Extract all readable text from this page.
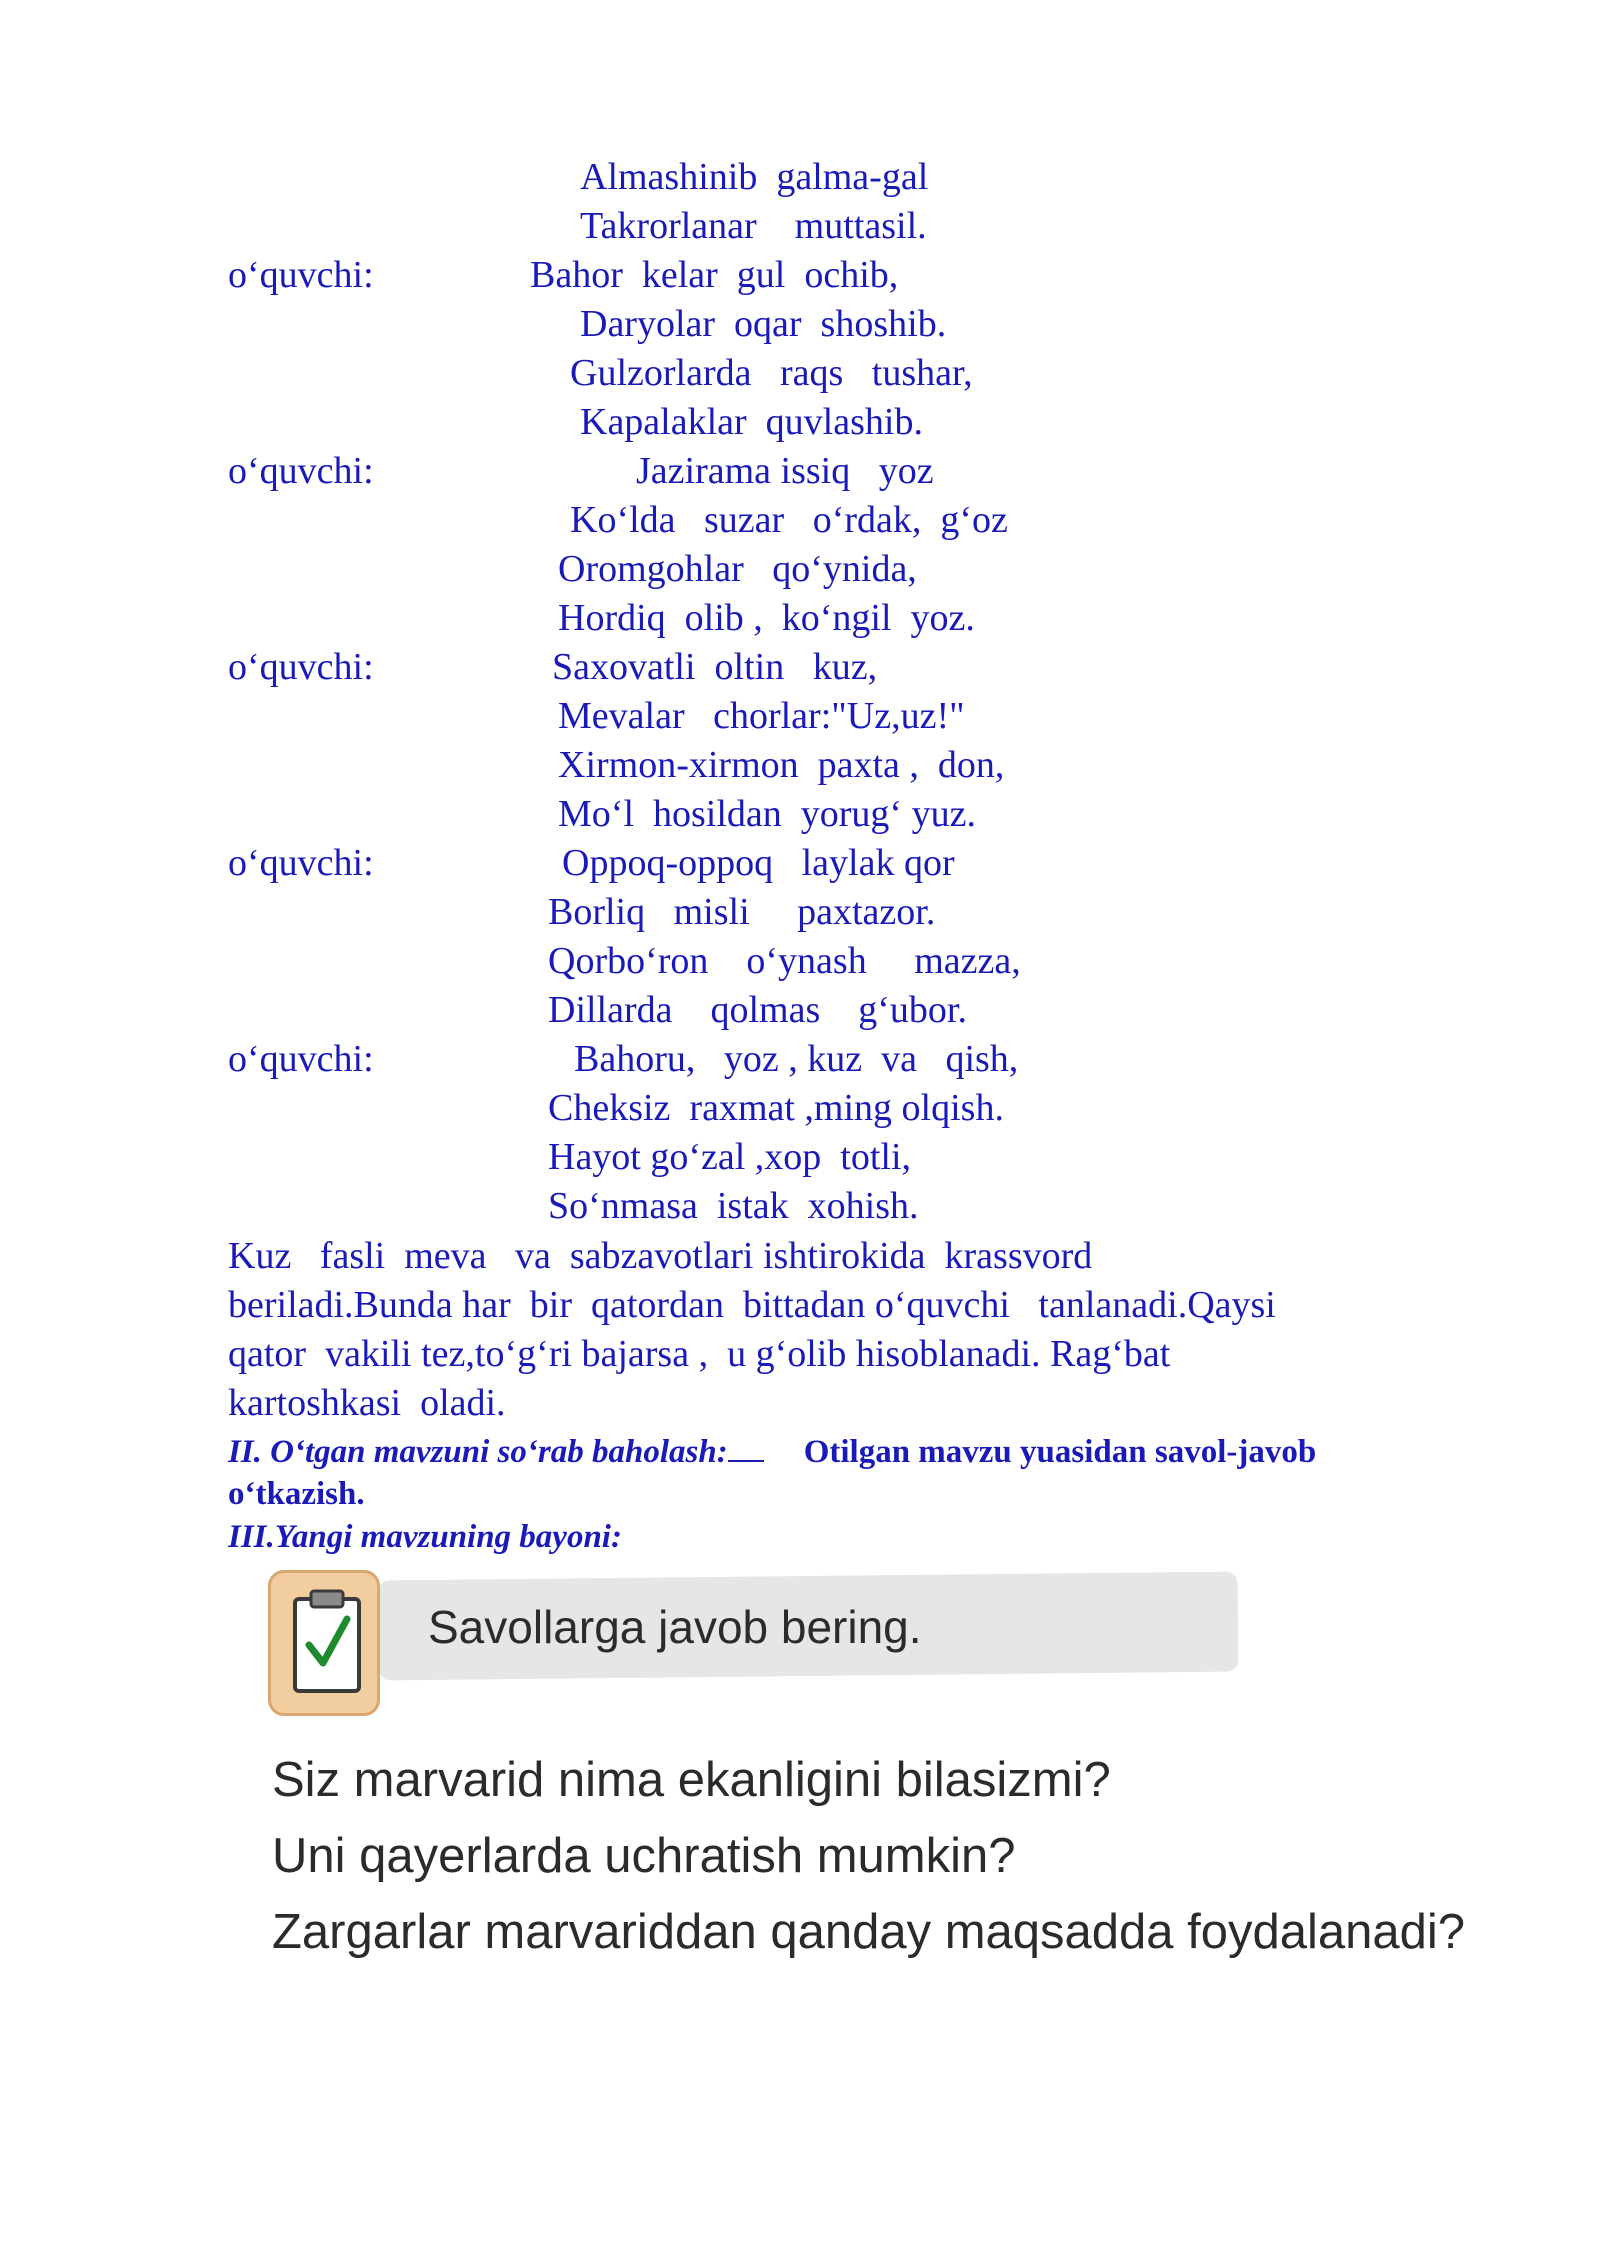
Almashinib  galma-gal
Takrorlanar    muttasil.
o‘quvchi:	Bahor  kelar  gul  ochib,
Daryolar  oqar  shoshib.
Gulzorlarda   raqs   tushar,
Kapalaklar  quvlashib.
o‘quvchi:	Jazirama issiq   yoz
Ko‘lda   suzar   o‘rdak,  g‘oz
Oromgohlar   qo‘ynida,
Hordiq  olib ,  ko‘ngil  yoz.
o‘quvchi:	Saxovatli  oltin   kuz,
Mevalar   chorlar:"Uz,uz!"
Xirmon-xirmon  paxta ,  don,
Mo‘l  hosildan  yorug‘ yuz.
o‘quvchi:	Oppoq-oppoq   laylak qor
Borliq   misli     paxtazor.
Qorbo‘ron    o‘ynash     mazza,
Dillarda    qolmas    g‘ubor.
o‘quvchi:	Bahoru,   yoz , kuz  va   qish,
Cheksiz  raxmat ,ming olqish.
Hayot go‘zal ,xop  totli,
So‘nmasa  istak  xohish.
Kuz   fasli  meva   va  sabzavotlari ishtirokida  krassvord
beriladi.Bunda har  bir  qatordan  bittadan o‘quvchi   tanlanadi.Qaysi
qator  vakili tez,to‘g‘ri bajarsa ,  u g‘olib hisoblanadi. Rag‘bat
kartoshkasi  oladi.
II. O‘tgan mavzuni so‘rab baholash: Otilgan mavzu yuasidan savol-javob
o‘tkazish.
III.Yangi mavzuning bayoni:
Savollarga javob bering.
Siz marvarid nima ekanligini bilasizmi?
Uni qayerlarda uchratish mumkin?
Zargarlar marvariddan qanday maqsadda foydalanadi?
